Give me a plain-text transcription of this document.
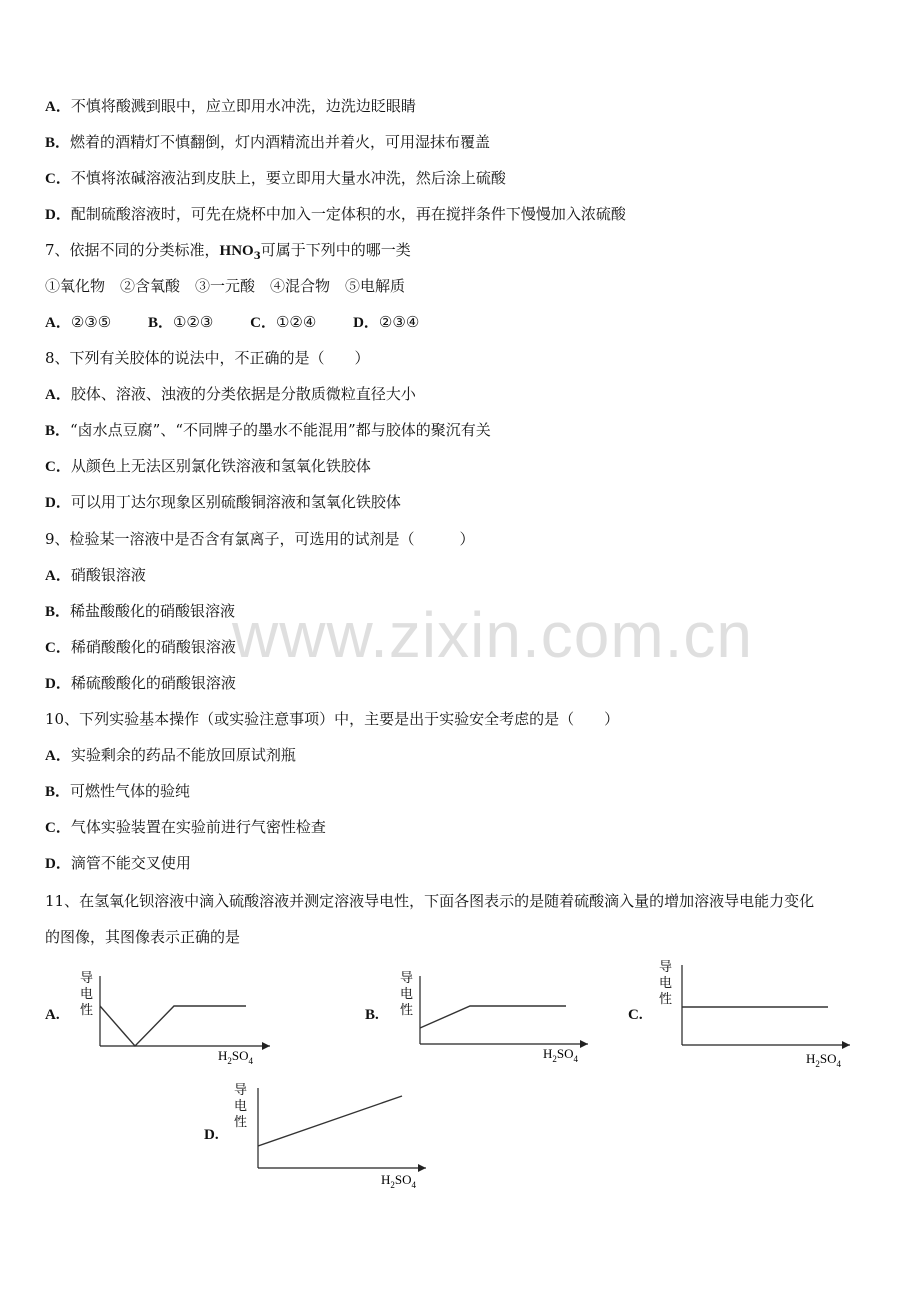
A．不慎将酸溅到眼中，应立即用水冲洗，边洗边眨眼睛
B．燃着的酒精灯不慎翻倒，灯内酒精流出并着火，可用湿抹布覆盖
C．不慎将浓碱溶液沾到皮肤上，要立即用大量水冲洗，然后涂上硫酸
D．配制硫酸溶液时，可先在烧杯中加入一定体积的水，再在搅拌条件下慢慢加入浓硫酸
7、依据不同的分类标准，$HNO_3$可属于下列中的哪一类
①氧化物　②含氧酸　③一元酸　④混合物　⑤电解质
A．②③⑤ B．①②③ C．①②④ D．②③④
8、下列有关胶体的说法中，不正确的是（　　）
A．胶体、溶液、浊液的分类依据是分散质微粒直径大小
B．“卤水点豆腐”、“不同牌子的墨水不能混用”都与胶体的聚沉有关
C．从颜色上无法区别氯化铁溶液和氢氧化铁胶体
D．可以用丁达尔现象区别硫酸铜溶液和氢氧化铁胶体
9、检验某一溶液中是否含有氯离子，可选用的试剂是（　　　）
A．硝酸银溶液
B．稀盐酸酸化的硝酸银溶液
C．稀硝酸酸化的硝酸银溶液
D．稀硫酸酸化的硝酸银溶液
10、下列实验基本操作（或实验注意事项）中，主要是出于实验安全考虑的是（　　）
A．实验剩余的药品不能放回原试剂瓶
B．可燃性气体的验纯
C．气体实验装置在实验前进行气密性检查
D．滴管不能交叉使用
11、在氢氧化钡溶液中滴入硫酸溶液并测定溶液导电性，下面各图表示的是随着硫酸滴入量的增加溶液导电能力变化
的图像，其图像表示正确的是
www.zixin.com.cn
A.
导
电
性
$H_2SO_4$
B.
导
电
性
$H_2SO_4$
C.
导
电
性
$H_2SO_4$
D.
导
电
性
$H_2SO_4$
